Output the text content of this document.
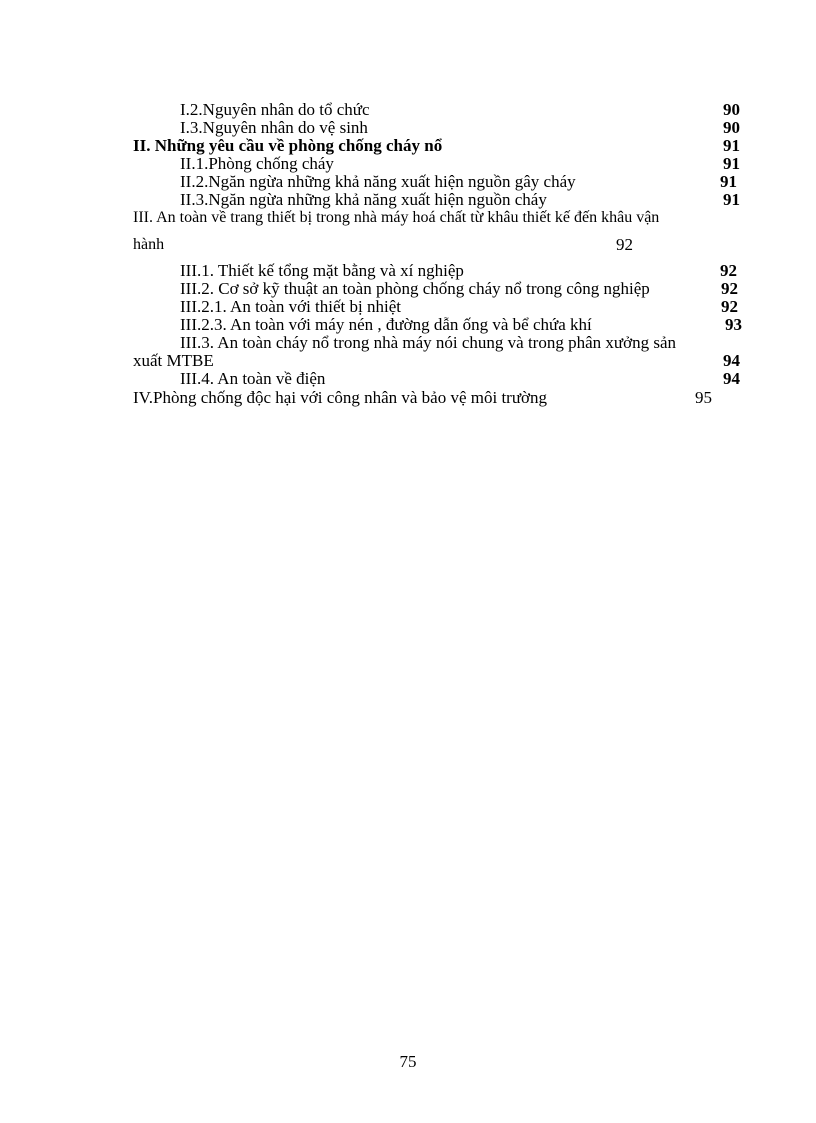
I.2.Nguyên nhân do tổ chức	90
I.3.Nguyên nhân do vệ sinh	90
II. Những yêu cầu về phòng chống cháy nổ	91
II.1.Phòng chống cháy	91
II.2.Ngăn ngừa những khả năng xuất hiện nguồn gây cháy	91
II.3.Ngăn ngừa những khả năng xuất hiện nguồn cháy	91
III. An toàn về trang thiết bị trong nhà máy hoá chất từ khâu thiết kế đến khâu vận
hành	92
III.1. Thiết kế tổng mặt bằng và xí nghiệp	92
III.2. Cơ sở kỹ thuật an toàn phòng chống cháy nổ trong công nghiệp	92
III.2.1. An toàn với thiết bị nhiệt	92
III.2.3. An toàn với máy nén , đường dẫn ống và bể chứa khí	93
III.3. An toàn cháy nổ trong nhà máy nói chung và trong phân xưởng sản
xuất MTBE	94
III.4. An toàn về điện	94
IV.Phòng chống độc hại với công nhân và bảo vệ môi trường	95
75
